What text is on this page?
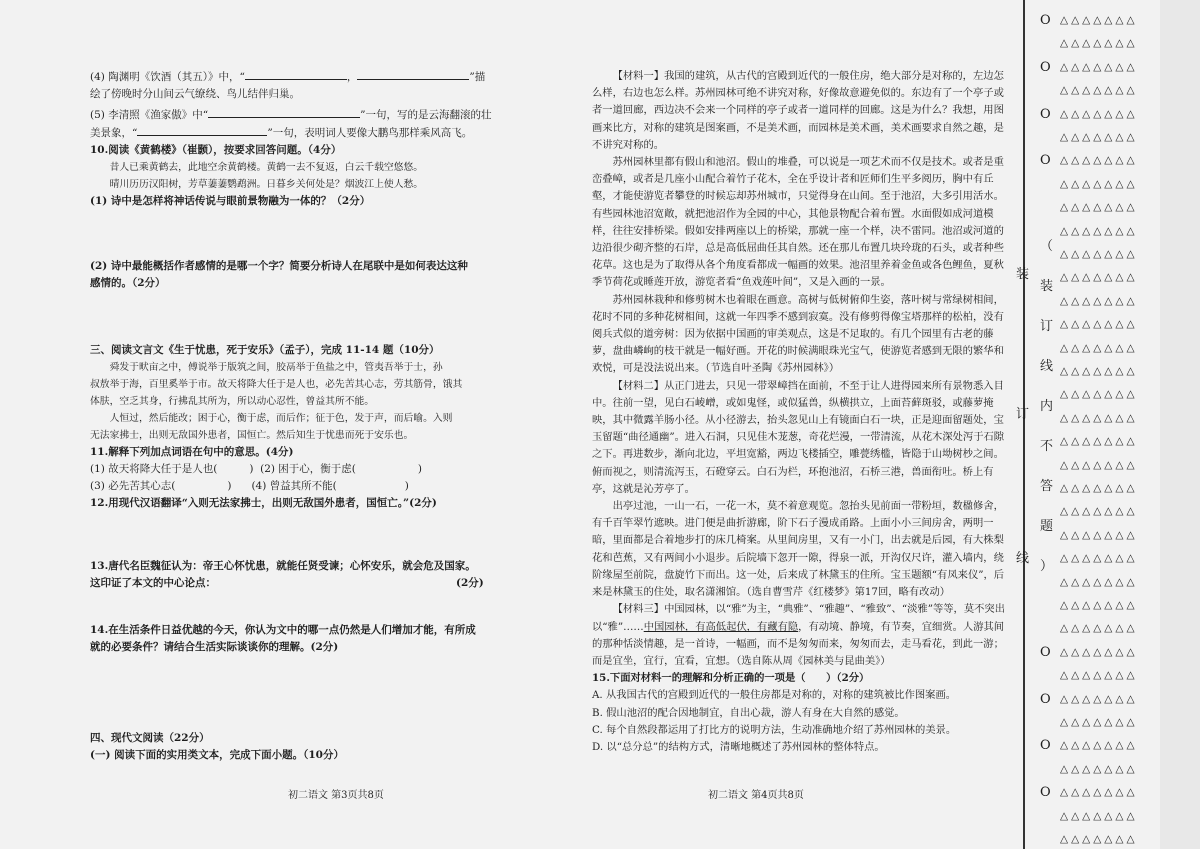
(4) 陶渊明《饮酒（其五）》中，“	，	”描

绘了傍晚时分山间云气缭绕、鸟儿结伴归巢。

(5) 李清照《渔家傲》中“	”一句，写的是云海翻滚的壮

美景象，“	”一句，表明词人要像大鹏鸟那样乘风高飞。

10.阅读《黄鹤楼》（崔颢），按要求回答问题。（4分）

昔人已乘黄鹤去，此地空余黄鹤楼。黄鹤一去不复返，白云千载空悠悠。

晴川历历汉阳树，芳草萋萋鹦鹉洲。日暮乡关何处是？烟波江上使人愁。

(1) 诗中是怎样将神话传说与眼前景物融为一体的？（2分）

(2) 诗中最能概括作者感情的是哪一个字？简要分析诗人在尾联中是如何表达这种

感情的。（2分）

三、阅读文言文《生于忧患，死于安乐》（孟子），完成 11-14 题（10分）

舜发于畎亩之中，傅说举于版筑之间，胶鬲举于鱼盐之中，管夷吾举于士，孙

叔敖举于海，百里奚举于市。故天将降大任于是人也，必先苦其心志，劳其筋骨，饿其

体肤，空乏其身，行拂乱其所为，所以动心忍性，曾益其所不能。

人恒过，然后能改；困于心，衡于虑，而后作；征于色，发于声，而后喻。入则

无法家拂士，出则无敌国外患者，国恒亡。然后知生于忧患而死于安乐也。

11.解释下列加点词语在句中的意思。(4分)

(1) 故天将降大任于是人也(	)  (2) 困于心，衡于虑(	)

(3) 必先苦其心志(	)      (4) 曾益其所不能(	)

12.用现代汉语翻译“入则无法家拂士，出则无敌国外患者，国恒亡。”(2分)

13.唐代名臣魏征认为：帝王心怀忧患，就能任贤受谏；心怀安乐，就会危及国家。

这印证了本文的中心论点：	(2分)

14.在生活条件日益优越的今天，你认为文中的哪一点仍然是人们增加才能，有所成

就的必要条件？请结合生活实际谈谈你的理解。(2分)

四、现代文阅读（22分）

(一) 阅读下面的实用类文本，完成下面小题。（10分）

初二语文 第3页共8页

【材料一】我国的建筑，从古代的宫殿到近代的一般住房，绝大部分是对称的，左边怎么样，右边也怎么样。苏州园林可绝不讲究对称，好像故意避免似的。东边有了一个亭子或者一道回廊，西边决不会来一个同样的亭子或者一道同样的回廊。这是为什么？我想，用图画来比方，对称的建筑是图案画，不是美术画，而园林是美术画，美术画要求自然之趣，是不讲究对称的。

苏州园林里都有假山和池沼。假山的堆叠，可以说是一项艺术而不仅是技术。或者是重峦叠嶂，或者是几座小山配合着竹子花木，全在乎设计者和匠师们生平多阅历，胸中有丘壑，才能使游览者攀登的时候忘却苏州城市，只觉得身在山间。至于池沼，大多引用活水。有些园林池沼宽敞，就把池沼作为全园的中心，其他景物配合着布置。水面假如成河道模样，往往安排桥梁。假如安排两座以上的桥梁，那就一座一个样，决不雷同。池沼或河道的边沿很少砌齐整的石岸，总是高低屈曲任其自然。还在那儿布置几块玲珑的石头，或者种些花草。这也是为了取得从各个角度看都成一幅画的效果。池沼里养着金鱼或各色鲤鱼，夏秋季节荷花或睡莲开放，游览者看“鱼戏莲叶间”，又是入画的一景。

苏州园林栽种和修剪树木也着眼在画意。高树与低树俯仰生姿，落叶树与常绿树相间，花时不同的多种花树相间，这就一年四季不感到寂寞。没有修剪得像宝塔那样的松柏，没有阅兵式似的道旁树：因为依据中国画的审美观点，这是不足取的。有几个园里有古老的藤萝，盘曲嶙峋的枝干就是一幅好画。开花的时候满眼珠光宝气，使游览者感到无限的繁华和欢悦，可是没法说出来。（节选自叶圣陶《苏州园林》）

【材料二】从正门进去，只见一带翠嶂挡在面前，不至于让人进得园来所有景物悉入目中。往前一望，见白石崚嶒，或如鬼怪，或似猛兽，纵横拱立，上面苔藓斑驳，或藤萝掩映，其中微露羊肠小径。从小径游去，抬头忽见山上有镜面白石一块，正是迎面留题处，宝玉留题“曲径通幽”。进入石洞，只见佳木茏葱，奇花烂漫，一带清流，从花木深处泻于石隙之下。再进数步，渐向北边，平坦宽豁，两边飞楼插空，雕甍绣槛，皆隐于山坳树杪之间。俯而视之，则清流泻玉，石磴穿云。白石为栏，环抱池沼，石桥三港，兽面衔吐。桥上有亭，这就是沁芳亭了。

出亭过池，一山一石，一花一木，莫不着意观览。忽抬头见前面一带粉垣，数楹修舍，有千百竿翠竹遮映。进门便是曲折游廊，阶下石子漫成甬路。上面小小三间房舍，两明一暗，里面都是合着地步打的床几椅案。从里间房里，又有一小门，出去就是后园，有大株梨花和芭蕉，又有两间小小退步。后院墙下忽开一隙，得泉一派，开沟仅尺许，灌入墙内，绕阶缘屋至前院，盘旋竹下而出。这一处，后来成了林黛玉的住所。宝玉题额“有凤来仪”，后来是林黛玉的住处，取名潇湘馆。（选自曹雪芹《红楼梦》第17回，略有改动）

【材料三】中国园林，以“雅”为主，“典雅”、“雅趣”、“雅致”、“淡雅”等等，莫不突出以“雅”……中国园林，有高低起伏，有藏有隐，有动境、静境，有节奏，宜细赏。人游其间的那种恬淡情趣，是一首诗，一幅画，而不是匆匆而来，匆匆而去，走马看花，到此一游；而是宜坐，宜行，宜看，宜想。（选自陈从周《园林美与昆曲美》）

15.下面对材料一的理解和分析正确的一项是（　　）（2分）

A. 从我国古代的宫殿到近代的一般住房都是对称的，对称的建筑被比作图案画。

B. 假山池沼的配合因地制宜，自出心裁，游人有身在大自然的感觉。

C. 每个自然段都运用了打比方的说明方法，生动准确地介绍了苏州园林的美景。

D. 以“总分总”的结构方式，清晰地概述了苏州园林的整体特点。

初二语文 第4页共8页
△△△△△△△
O
△△△△△△△
△△△△△△△
O
△△△△△△△
△△△△△△△
O
△△△△△△△
△△△△△△△
O
△△△△△△△
△△△△△△△
△△△△△△△
△△△△△△△
△△△△△△△
△△△△△△△
△△△△△△△
△△△△△△△
△△△△△△△
△△△△△△△
△△△△△△△
△△△△△△△
△△△△△△△
△△△△△△△
△△△△△△△
△△△△△△△
△△△△△△△
△△△△△△△
△△△△△△△
△△△△△△△
△△△△△△△
O
△△△△△△△
△△△△△△△
O
△△△△△△△
△△△△△△△
O
△△△△△△△
△△△△△△△
O
△△△△△△△
△△△△△△△
装
订
线
（
装
订
线
内
不
答
题
）
